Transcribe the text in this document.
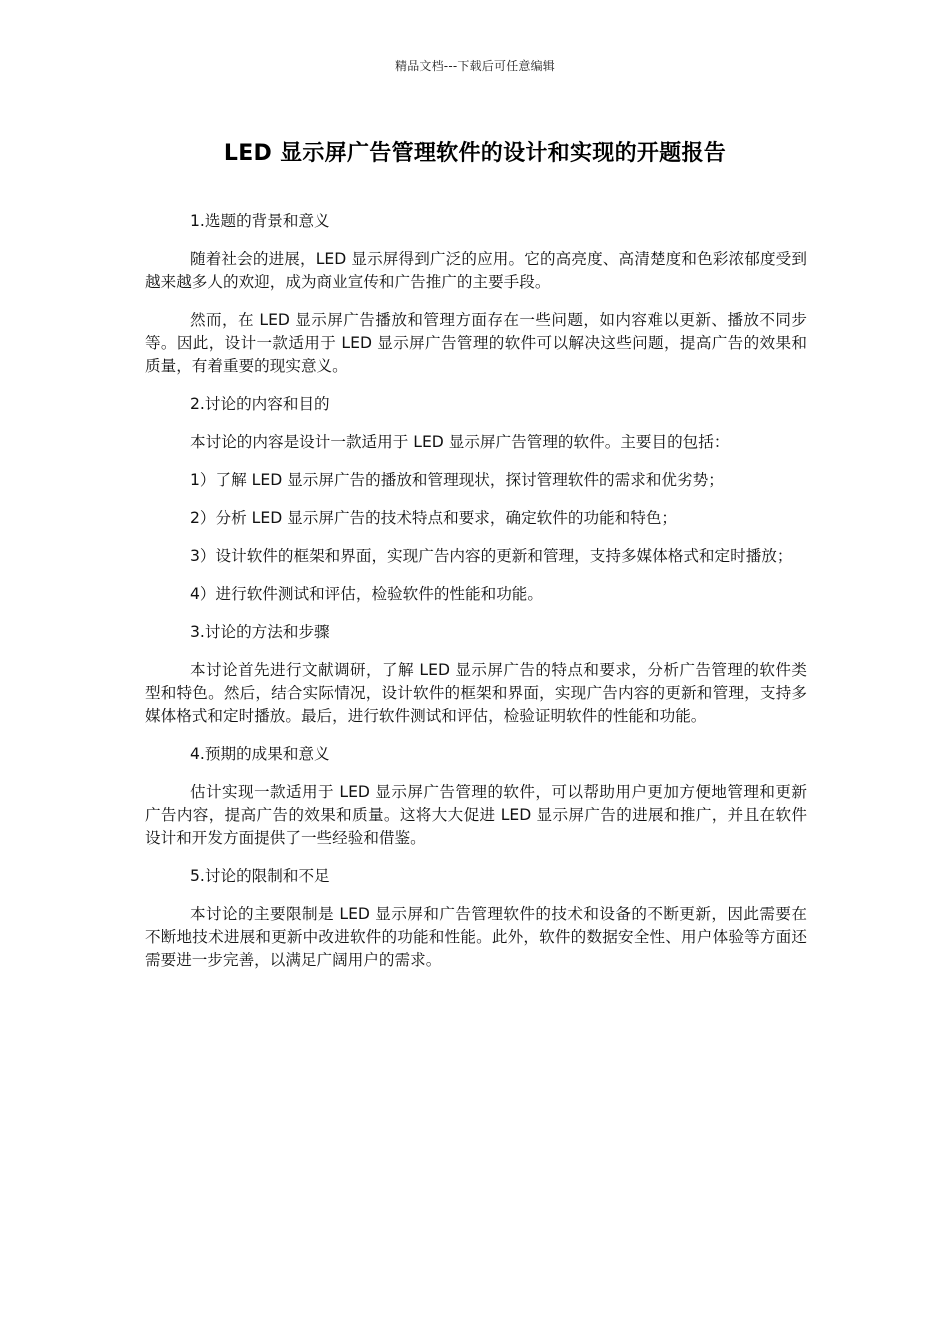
精品文档---下载后可任意编辑
LED 显示屏广告管理软件的设计和实现的开题报告

1.选题的背景和意义

随着社会的进展，LED 显示屏得到广泛的应用。它的高亮度、高清楚度和色彩浓郁度受到越来越多人的欢迎，成为商业宣传和广告推广的主要手段。

然而，在 LED 显示屏广告播放和管理方面存在一些问题，如内容难以更新、播放不同步等。因此，设计一款适用于 LED 显示屏广告管理的软件可以解决这些问题，提高广告的效果和质量，有着重要的现实意义。

2.讨论的内容和目的

本讨论的内容是设计一款适用于 LED 显示屏广告管理的软件。主要目的包括：

1）了解 LED 显示屏广告的播放和管理现状，探讨管理软件的需求和优劣势；

2）分析 LED 显示屏广告的技术特点和要求，确定软件的功能和特色；

3）设计软件的框架和界面，实现广告内容的更新和管理，支持多媒体格式和定时播放；

4）进行软件测试和评估，检验软件的性能和功能。

3.讨论的方法和步骤

本讨论首先进行文献调研，了解 LED 显示屏广告的特点和要求，分析广告管理的软件类型和特色。然后，结合实际情况，设计软件的框架和界面，实现广告内容的更新和管理，支持多媒体格式和定时播放。最后，进行软件测试和评估，检验证明软件的性能和功能。

4.预期的成果和意义

估计实现一款适用于 LED 显示屏广告管理的软件，可以帮助用户更加方便地管理和更新广告内容，提高广告的效果和质量。这将大大促进 LED 显示屏广告的进展和推广，并且在软件设计和开发方面提供了一些经验和借鉴。

5.讨论的限制和不足

本讨论的主要限制是 LED 显示屏和广告管理软件的技术和设备的不断更新，因此需要在不断地技术进展和更新中改进软件的功能和性能。此外，软件的数据安全性、用户体验等方面还需要进一步完善，以满足广阔用户的需求。
